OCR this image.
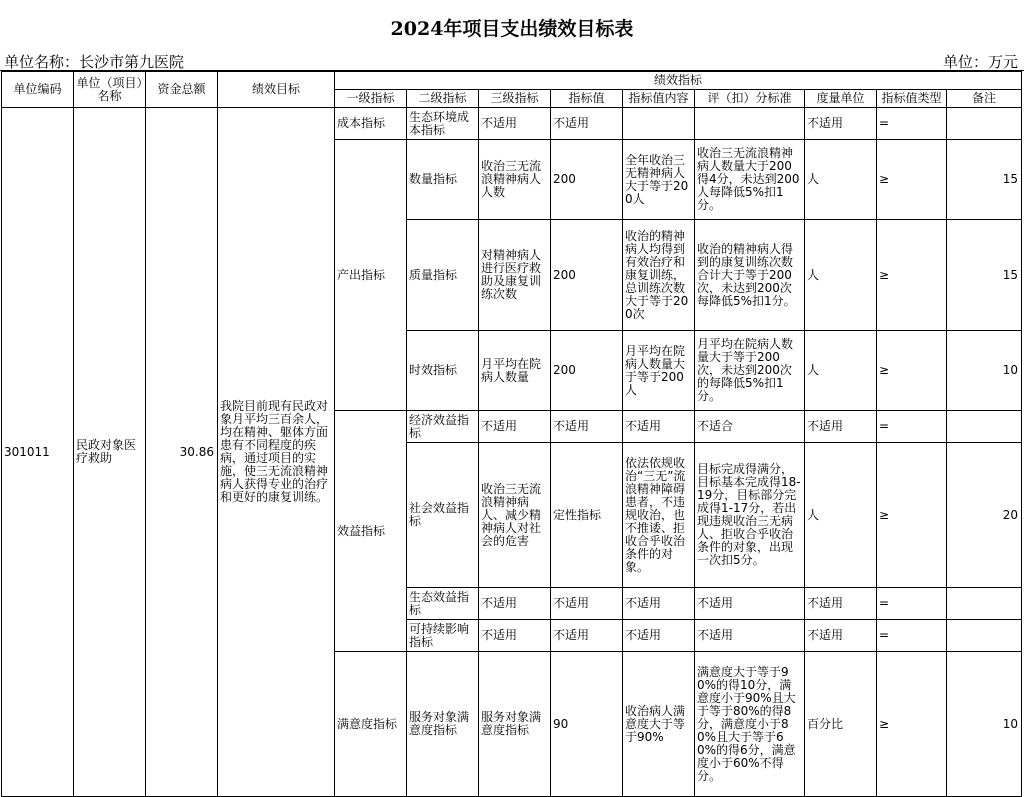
2024年项目支出绩效目标表
单位名称：长沙市第九医院	单位：万元
单位编码	单位（项目）名称	资金总额	绩效目标	绩效指标								
				一级指标	二级指标	三级指标	指标值	指标值内容	评（扣）分标准	度量单位	指标值类型	备注
301011	民政对象医疗救助	30.86	我院目前现有民政对象月平均三百余人，均在精神、躯体方面患有不同程度的疾病，通过项目的实施，使三无流浪精神病人获得专业的治疗和更好的康复训练。	成本指标	生态环境成本指标	不适用	不适用			不适用	=	
				产出指标	数量指标	收治三无流浪精神病人人数	200	全年收治三无精神病人大于等于200人	收治三无流浪精神病人数量大于200得4分，未达到200人每降低5%扣1分。	人	≥	15
					质量指标	对精神病人进行医疗救助及康复训练次数	200	收治的精神病人均得到有效治疗和康复训练，总训练次数大于等于200次	收治的精神病人得到的康复训练次数合计大于等于200次，未达到200次每降低5%扣1分。	人	≥	15
					时效指标	月平均在院病人数量	200	月平均在院病人数量大于等于200人	月平均在院病人数量大于等于200次，未达到200次的每降低5%扣1分。	人	≥	10
				效益指标	经济效益指标	不适用	不适用	不适用	不适合	不适用	=	
					社会效益指标	收治三无流浪精神病人、减少精神病人对社会的危害	定性指标	依法依规收治“三无”流浪精神障碍患者，不违规收治，也不推诿、拒收合乎收治条件的对象。	目标完成得满分，目标基本完成得18-19分，目标部分完成得1-17分，若出现违规收治三无病人、拒收合乎收治条件的对象，出现一次扣5分。	人	≥	20
					生态效益指标	不适用	不适用	不适用	不适用	不适用	=	
					可持续影响指标	不适用	不适用	不适用	不适用	不适用	=	
				满意度指标	服务对象满意度指标	服务对象满意度指标	90	收治病人满意度大于等于90%	满意度大于等于90%的得10分，满意度小于90%且大于等于80%的得8分，满意度小于80%且大于等于60%的得6分，满意度小于60%不得分。	百分比	≥	10
